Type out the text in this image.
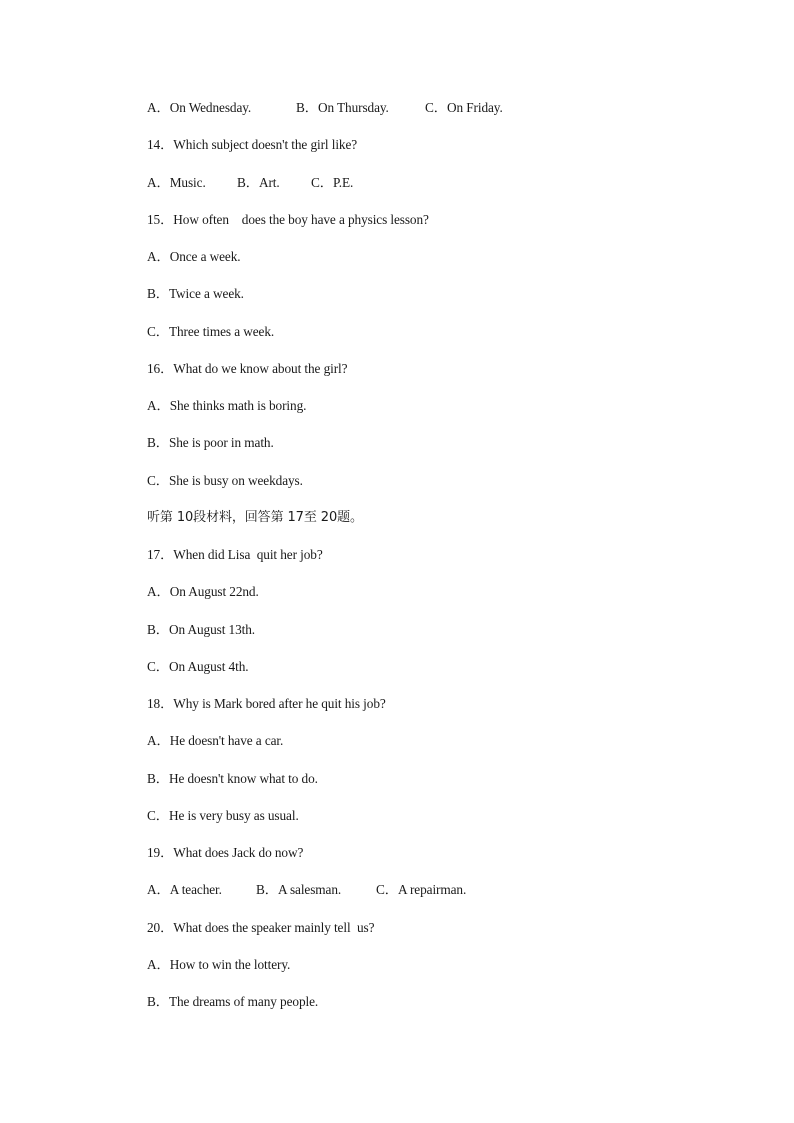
A．On Wednesday.

	B．On Thursday.

	C．On Friday.

14．Which subject doesn't the girl like?

A．Music.

B．Art.

C．P.E.

15．How often    does the boy have a physics lesson?
A．Once a week.
B．Twice a week.
C．Three times a week.
16．What do we know about the girl?
A．She thinks math is boring.
B．She is poor in math.
C．She is busy on weekdays.
听第 10段材料，回答第 17至 20题。
17．When did Lisa  quit her job?
A．On August 22nd.
B．On August 13th.
C．On August 4th.
18．Why is Mark bored after he quit his job?
A．He doesn't have a car.
B．He doesn't know what to do.
C．He is very busy as usual.
19．What does Jack do now?

A．A teacher.

	B．A salesman.

	C．A repairman.

20．What does the speaker mainly tell  us?
A．How to win the lottery.
B．The dreams of many people.
